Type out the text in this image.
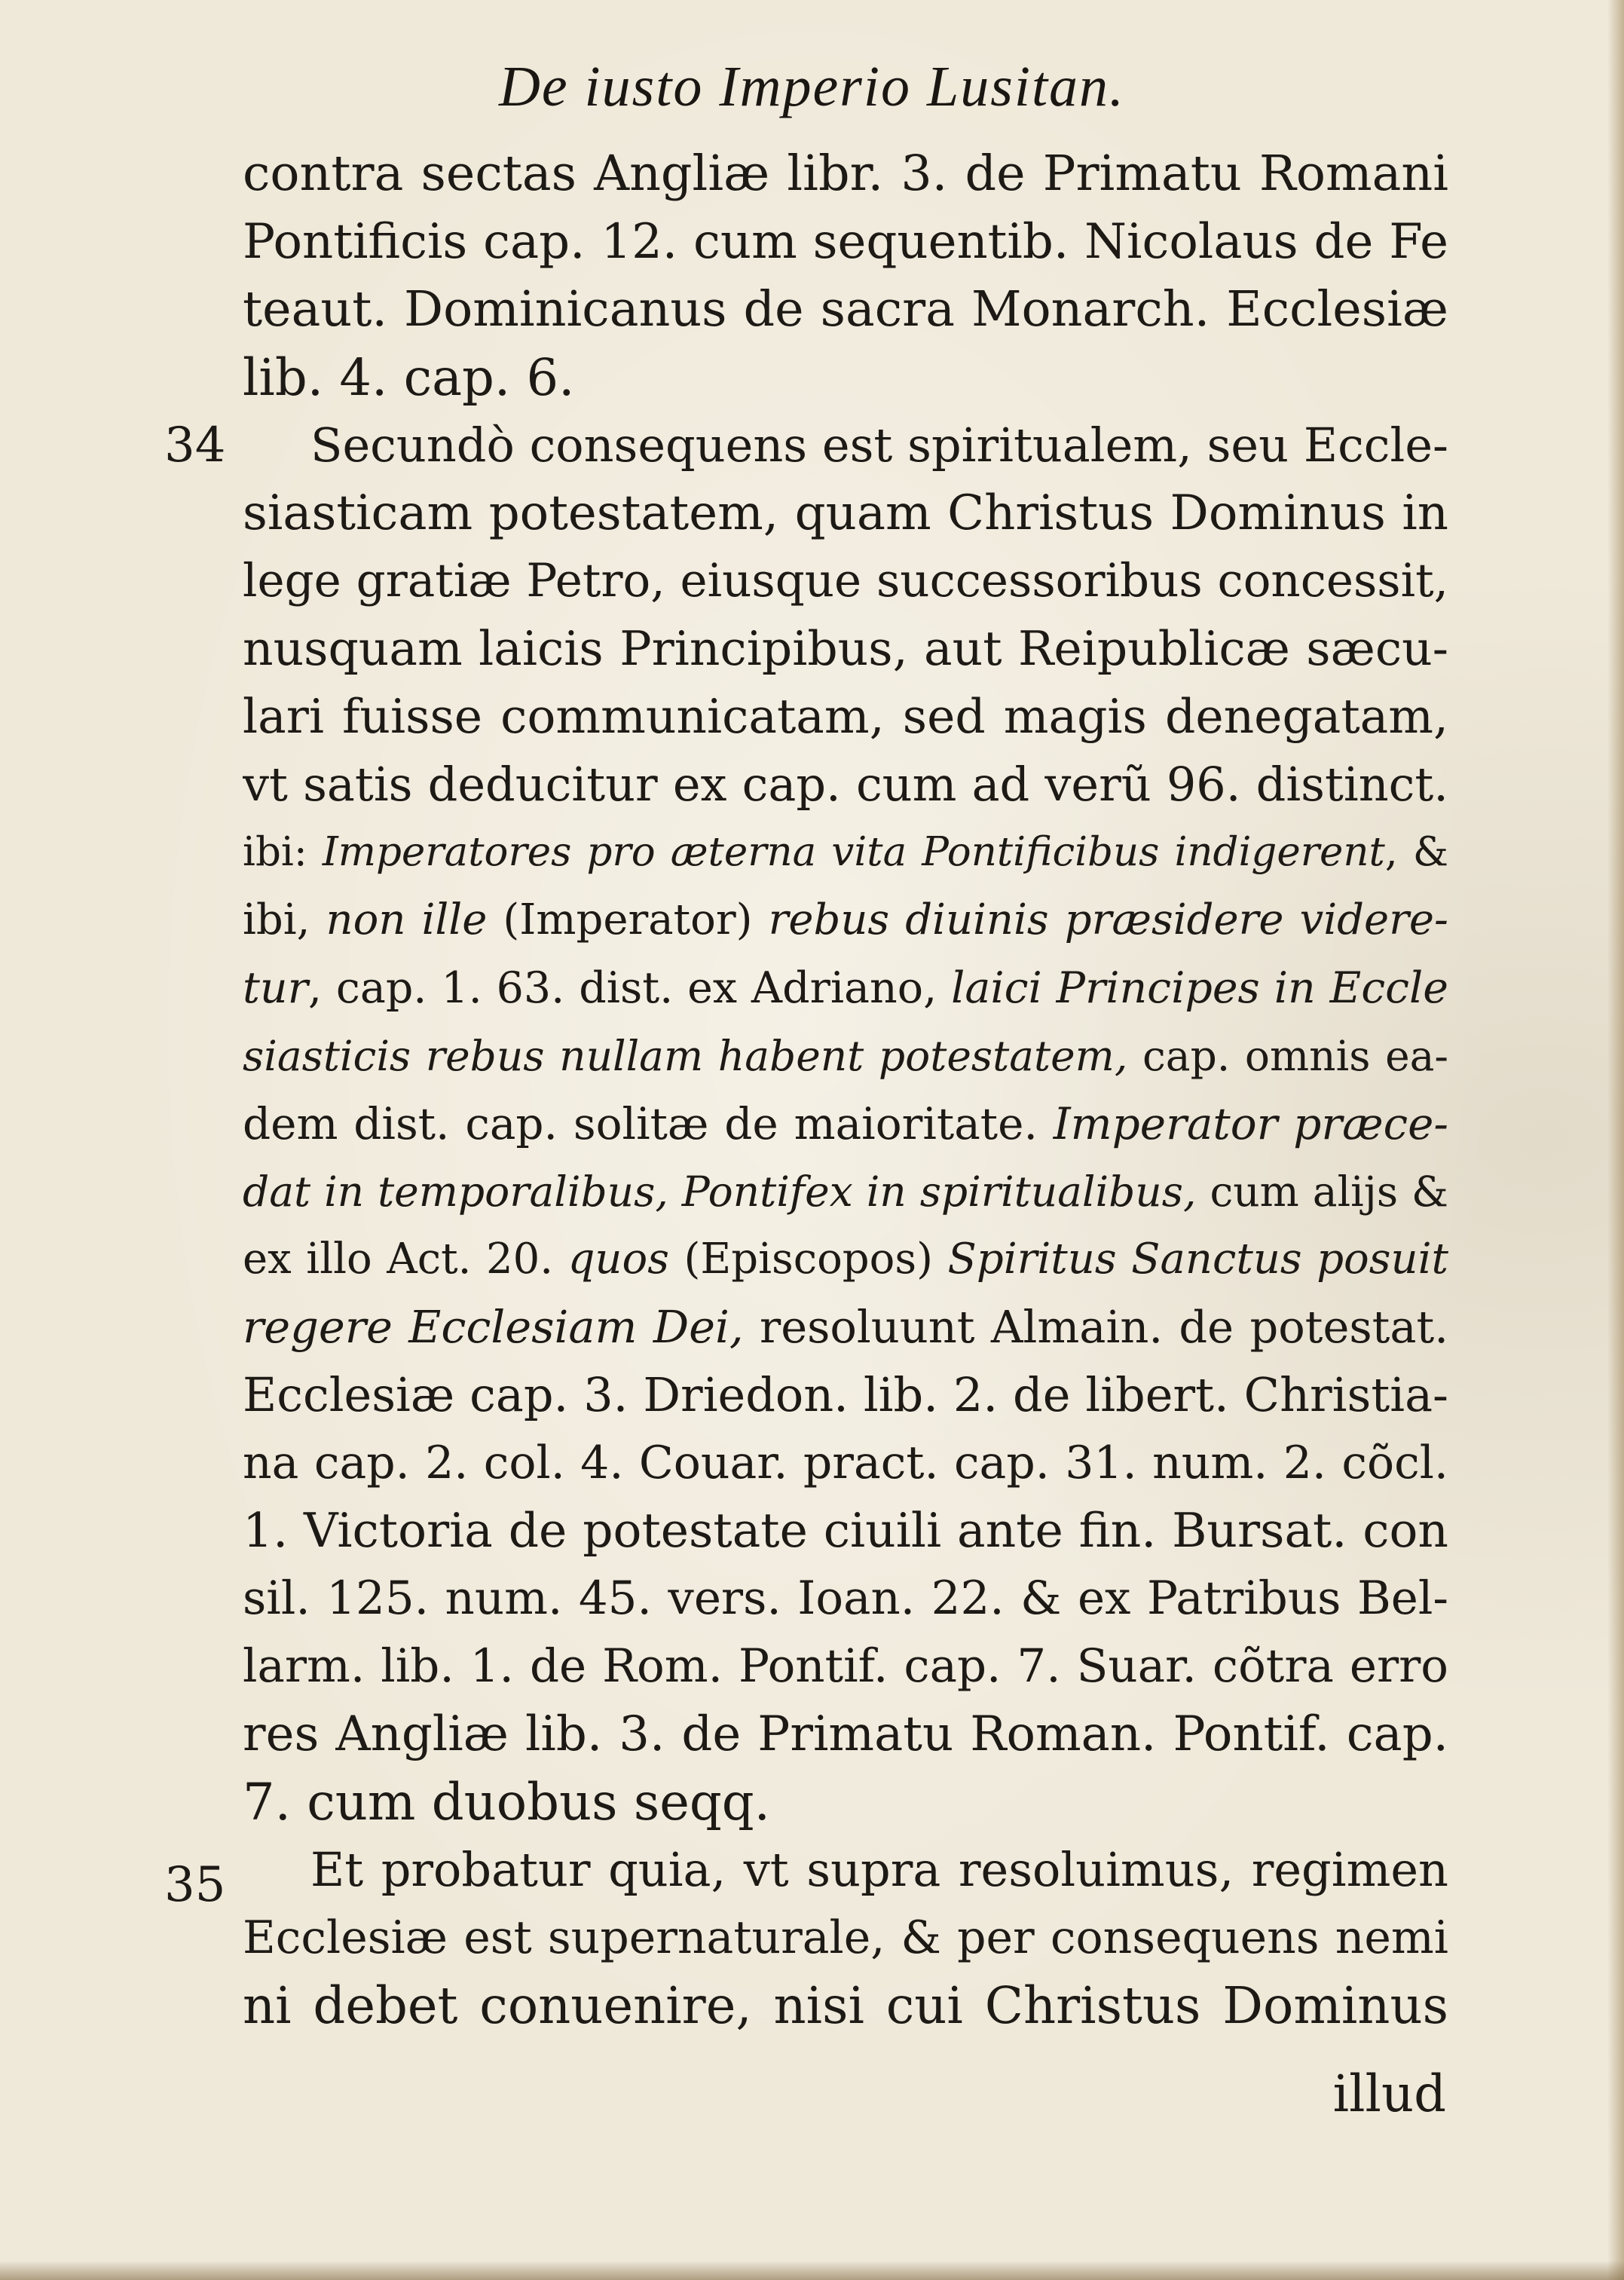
De iusto Imperio Lusitan.
34
35
contra sectas Angliæ libr. 3. de Primatu Romani
Pontificis cap. 12. cum sequentib. Nicolaus de Fe
teaut. Dominicanus de sacra Monarch. Ecclesiæ
lib. 4. cap. 6.
Secundò consequens est spiritualem, seu Eccle-
siasticam potestatem, quam Christus Dominus in
lege gratiæ Petro, eiusque successoribus concessit,
nusquam laicis Principibus, aut Reipublicæ sæcu-
lari fuisse communicatam, sed magis denegatam,
vt satis deducitur ex cap. cum ad verũ 96. distinct.
ibi: Imperatores pro æterna vita Pontificibus indigerent, &
ibi, non ille (Imperator) rebus diuinis præsidere videre-
tur, cap. 1. 63. dist. ex Adriano, laici Principes in Eccle
siasticis rebus nullam habent potestatem, cap. omnis ea-
dem dist. cap. solitæ de maioritate. Imperator præce-
dat in temporalibus, Pontifex in spiritualibus, cum alijs &
ex illo Act. 20. quos (Episcopos) Spiritus Sanctus posuit
regere Ecclesiam Dei, resoluunt Almain. de potestat.
Ecclesiæ cap. 3. Driedon. lib. 2. de libert. Christia-
na cap. 2. col. 4. Couar. pract. cap. 31. num. 2. cõcl.
1. Victoria de potestate ciuili ante fin. Bursat. con
sil. 125. num. 45. vers. Ioan. 22. & ex Patribus Bel-
larm. lib. 1. de Rom. Pontif. cap. 7. Suar. cõtra erro
res Angliæ lib. 3. de Primatu Roman. Pontif. cap.
7. cum duobus seqq.
Et probatur quia, vt supra resoluimus, regimen
Ecclesiæ est supernaturale, & per consequens nemi
ni debet conuenire, nisi cui Christus Dominus
illud
